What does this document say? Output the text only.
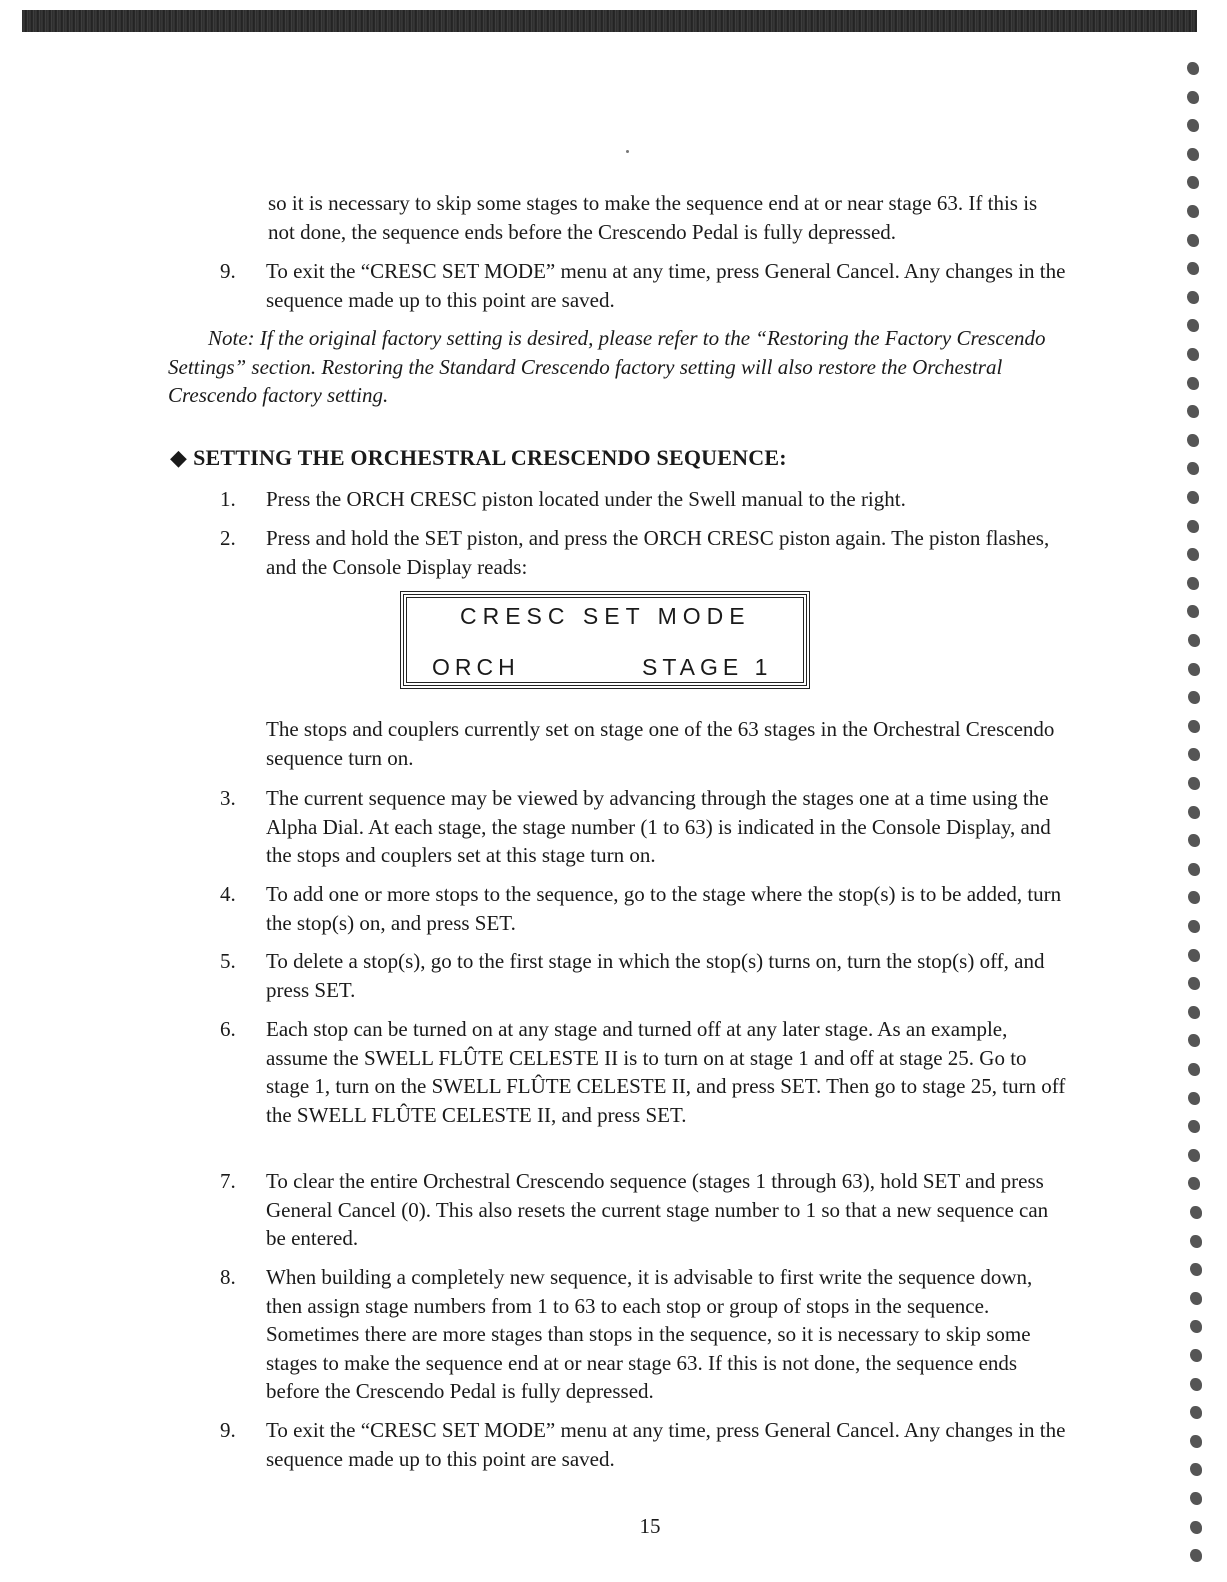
so it is necessary to skip some stages to make the sequence end at or near stage 63. If this is not done, the sequence ends before the Crescendo Pedal is fully depressed.

9.	To exit the “CRESC SET MODE” menu at any time, press General Cancel. Any changes in the sequence made up to this point are saved.

Note: If the original factory setting is desired, please refer to the “Restoring the Factory Crescendo Settings” section. Restoring the Standard Crescendo factory setting will also restore the Orchestral Crescendo factory setting.

◆ SETTING THE ORCHESTRAL CRESCENDO SEQUENCE:
1.	Press the ORCH CRESC piston located under the Swell manual to the right.
2.	Press and hold the SET piston, and press the ORCH CRESC piston again. The piston flashes, and the Console Display reads:
CRESC SET MODE
ORCH	STAGE 1

The stops and couplers currently set on stage one of the 63 stages in the Orchestral Crescendo sequence turn on.

3.	The current sequence may be viewed by advancing through the stages one at a time using the Alpha Dial. At each stage, the stage number (1 to 63) is indicated in the Console Display, and the stops and couplers set at this stage turn on.
4.	To add one or more stops to the sequence, go to the stage where the stop(s) is to be added, turn the stop(s) on, and press SET.
5.	To delete a stop(s), go to the first stage in which the stop(s) turns on, turn the stop(s) off, and press SET.
6.	Each stop can be turned on at any stage and turned off at any later stage. As an example, assume the SWELL FLÛTE CELESTE II is to turn on at stage 1 and off at stage 25. Go to stage 1, turn on the SWELL FLÛTE CELESTE II, and press SET. Then go to stage 25, turn off the SWELL FLÛTE CELESTE II, and press SET.
7.	To clear the entire Orchestral Crescendo sequence (stages 1 through 63), hold SET and press General Cancel (0). This also resets the current stage number to 1 so that a new sequence can be entered.
8.	When building a completely new sequence, it is advisable to first write the sequence down, then assign stage numbers from 1 to 63 to each stop or group of stops in the sequence. Sometimes there are more stages than stops in the sequence, so it is necessary to skip some stages to make the sequence end at or near stage 63. If this is not done, the sequence ends before the Crescendo Pedal is fully depressed.
9.	To exit the “CRESC SET MODE” menu at any time, press General Cancel. Any changes in the sequence made up to this point are saved.
15
